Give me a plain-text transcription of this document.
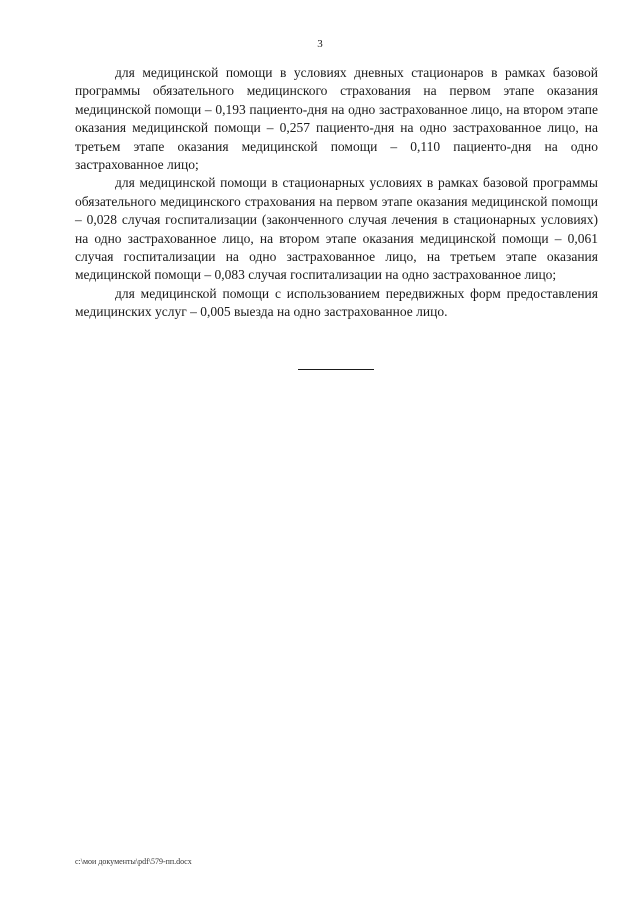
3

для медицинской помощи в условиях дневных стационаров в рамках базовой программы обязательного медицинского страхования на первом этапе оказания медицинской помощи – 0,193 пациенто-дня на одно застрахованное лицо, на втором этапе оказания медицинской помощи – 0,257 пациенто-дня на одно застрахованное лицо, на третьем этапе оказания медицинской помощи – 0,110 пациенто-дня на одно застрахованное лицо;

для медицинской помощи в стационарных условиях в рамках базовой программы обязательного медицинского страхования на первом этапе оказания медицинской помощи – 0,028 случая госпитализации (законченного случая лечения в стационарных условиях) на одно застрахованное лицо, на втором этапе оказания медицинской помощи – 0,061 случая госпитализации на одно застрахованное лицо, на третьем этапе оказания медицинской помощи – 0,083 случая госпитализации на одно застрахованное лицо;

для медицинской помощи с использованием передвижных форм предоставления медицинских услуг – 0,005 выезда на одно застрахованное лицо.

c:\мои документы\pdf\579-пп.docx
